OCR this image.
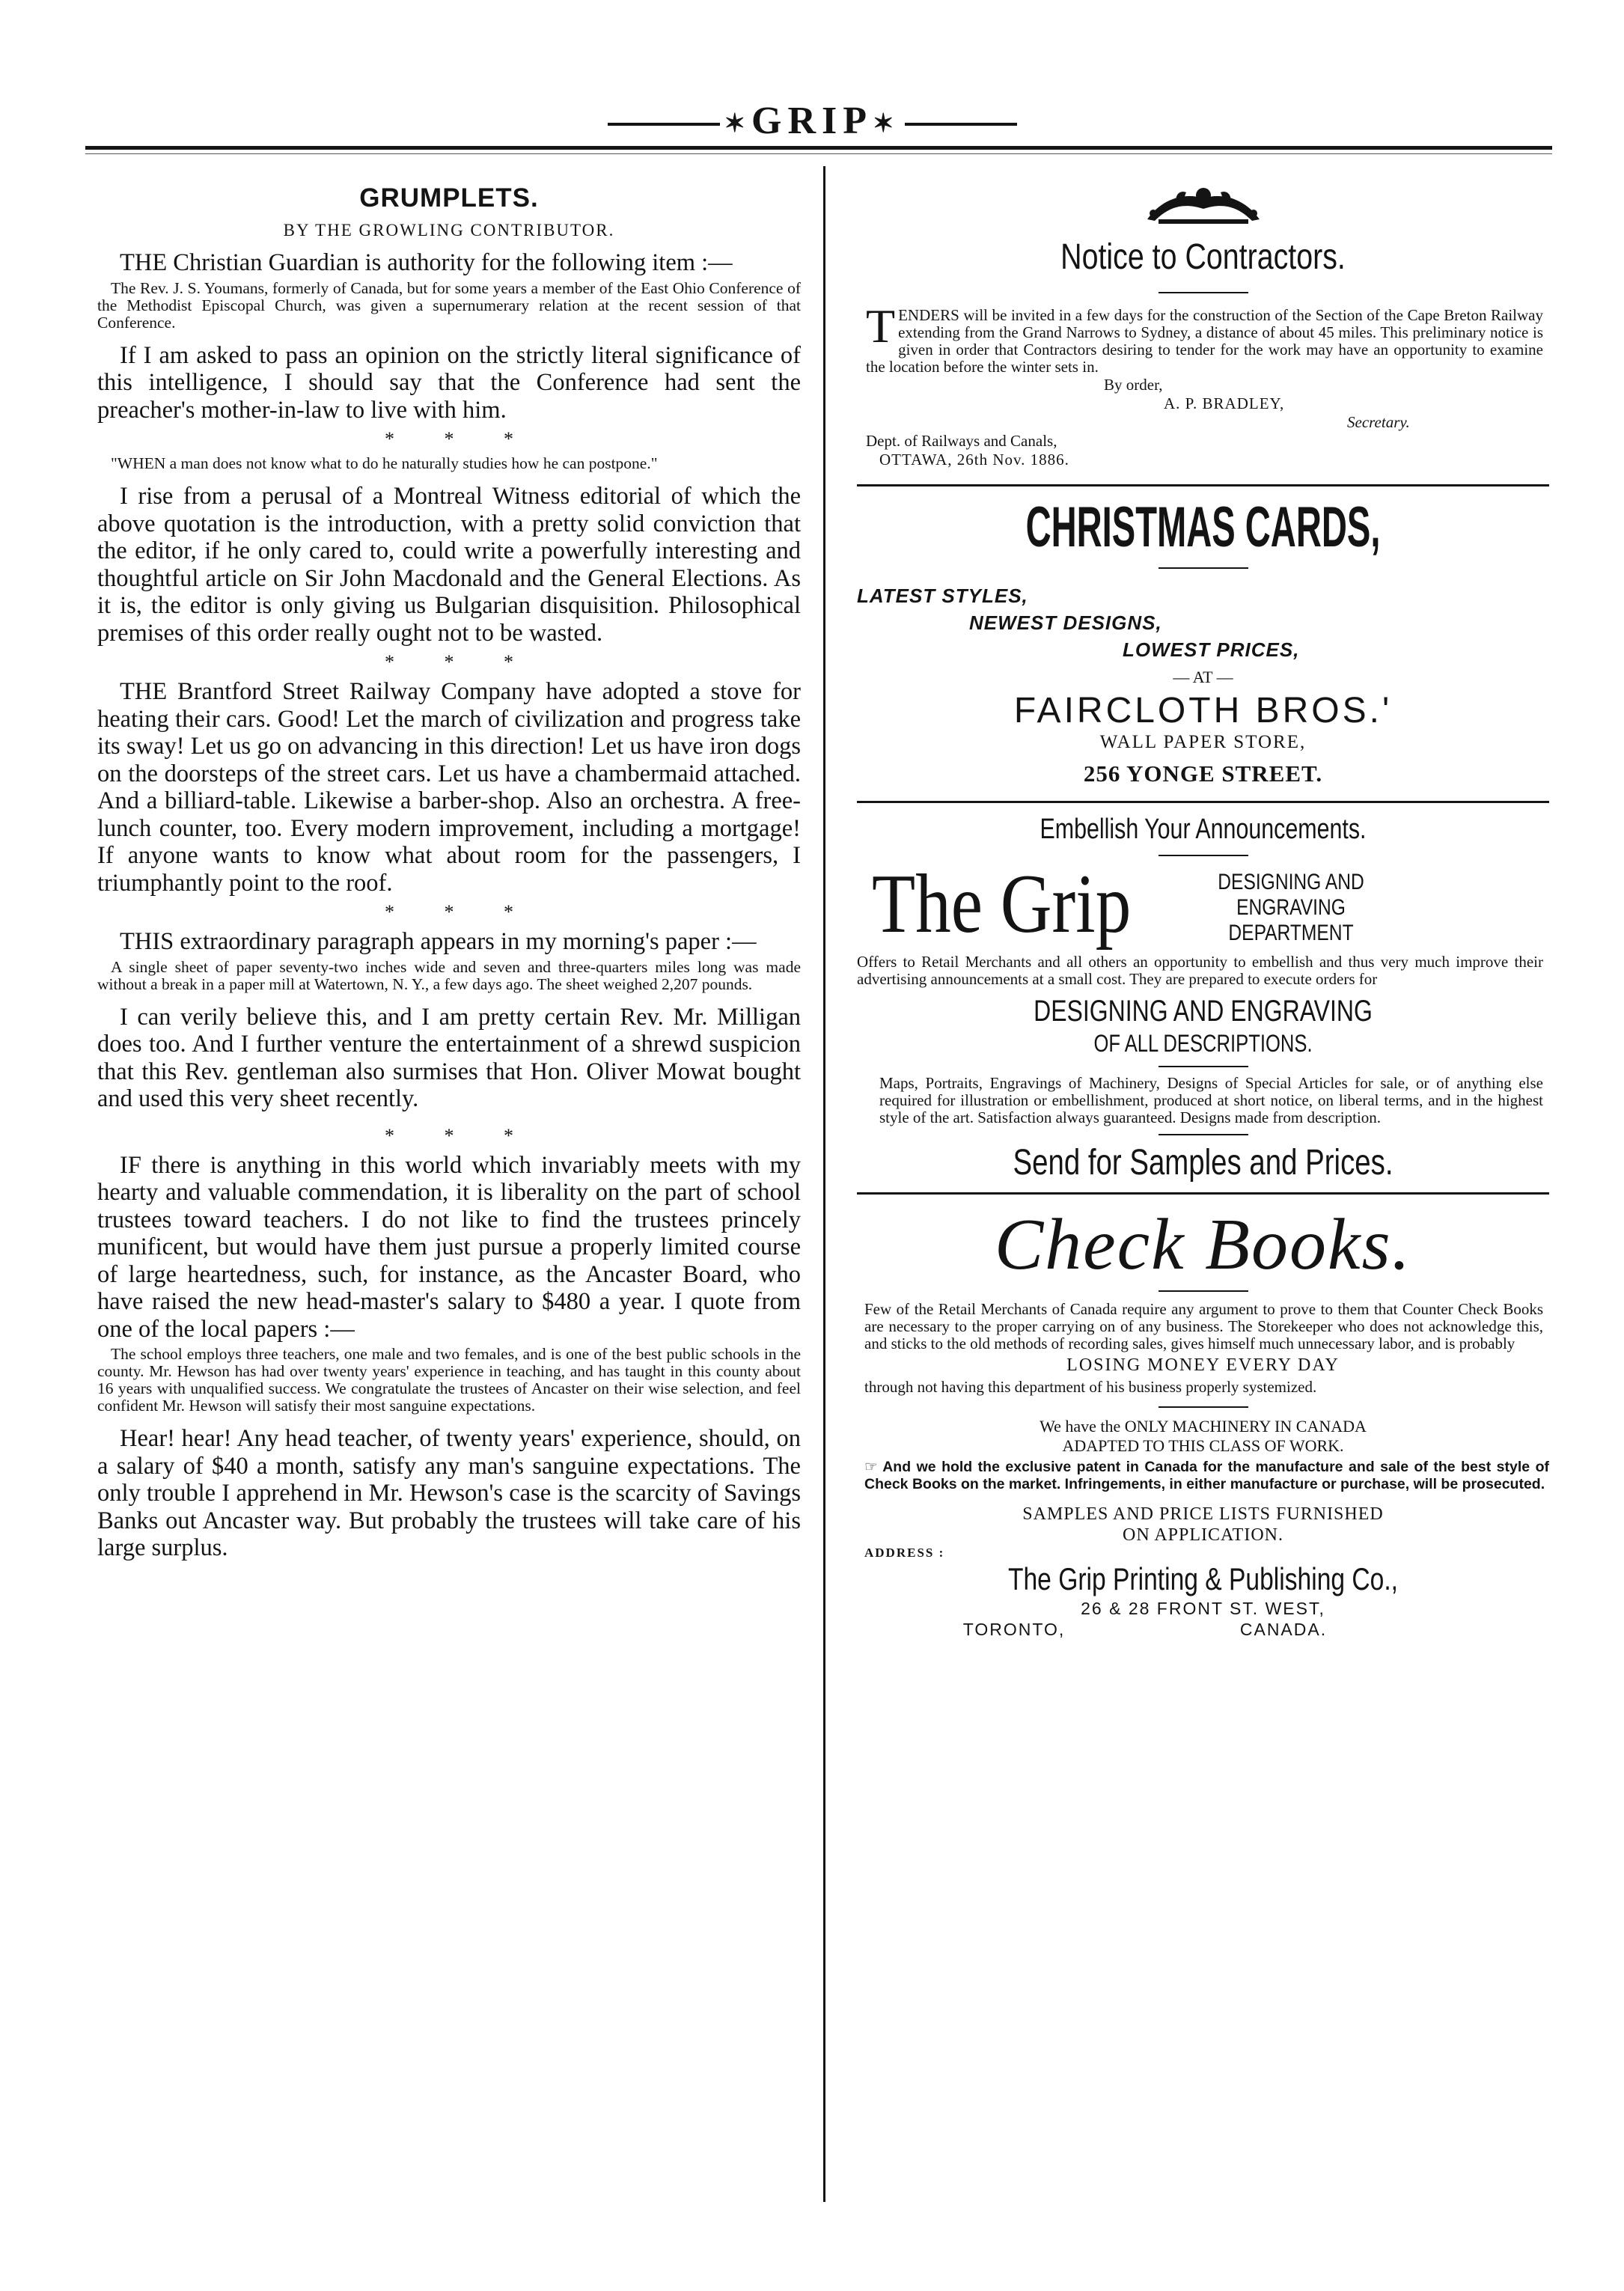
✶GRIP✶
GRUMPLETS.
BY THE GROWLING CONTRIBUTOR.

THE Christian Guardian is authority for the following item :—

The Rev. J. S. Youmans, formerly of Canada, but for some years a member of the East Ohio Conference of the Methodist Episcopal Church, was given a supernumerary relation at the recent session of that Conference.

If I am asked to pass an opinion on the strictly literal significance of this intelligence, I should say that the Conference had sent the preacher's mother-in-law to live with him.

* * *

"WHEN a man does not know what to do he naturally studies how he can postpone."

I rise from a perusal of a Montreal Witness editorial of which the above quotation is the introduction, with a pretty solid conviction that the editor, if he only cared to, could write a powerfully interesting and thoughtful article on Sir John Macdonald and the General Elections. As it is, the editor is only giving us Bulgarian disquisition. Philosophical premises of this order really ought not to be wasted.

* * *

THE Brantford Street Railway Company have adopted a stove for heating their cars. Good! Let the march of civilization and progress take its sway! Let us go on advancing in this direction! Let us have iron dogs on the doorsteps of the street cars. Let us have a chambermaid attached. And a billiard-table. Likewise a barber-shop. Also an orchestra. A free-lunch counter, too. Every modern improvement, including a mortgage! If anyone wants to know what about room for the passengers, I triumphantly point to the roof.

* * *

THIS extraordinary paragraph appears in my morning's paper :—

A single sheet of paper seventy-two inches wide and seven and three-quarters miles long was made without a break in a paper mill at Watertown, N. Y., a few days ago. The sheet weighed 2,207 pounds.

I can verily believe this, and I am pretty certain Rev. Mr. Milligan does too. And I further venture the entertainment of a shrewd suspicion that this Rev. gentleman also surmises that Hon. Oliver Mowat bought and used this very sheet recently.

* * *

IF there is anything in this world which invariably meets with my hearty and valuable commendation, it is liberality on the part of school trustees toward teachers. I do not like to find the trustees princely munificent, but would have them just pursue a properly limited course of large heartedness, such, for instance, as the Ancaster Board, who have raised the new head-master's salary to $480 a year. I quote from one of the local papers :—

The school employs three teachers, one male and two females, and is one of the best public schools in the county. Mr. Hewson has had over twenty years' experience in teaching, and has taught in this county about 16 years with unqualified success. We congratulate the trustees of Ancaster on their wise selection, and feel confident Mr. Hewson will satisfy their most sanguine expectations.

Hear! hear! Any head teacher, of twenty years' experience, should, on a salary of $40 a month, satisfy any man's sanguine expectations. The only trouble I apprehend in Mr. Hewson's case is the scarcity of Savings Banks out Ancaster way. But probably the trustees will take care of his large surplus.

Notice to Contractors.
TENDERS will be invited in a few days for the construction of the Section of the Cape Breton Railway extending from the Grand Narrows to Sydney, a distance of about 45 miles. This preliminary notice is given in order that Contractors desiring to tender for the work may have an opportunity to examine the location before the winter sets in.
By order,
A. P. BRADLEY,
Secretary.
Dept. of Railways and Canals,
OTTAWA, 26th Nov. 1886.
CHRISTMAS CARDS,
LATEST STYLES,
NEWEST DESIGNS,
LOWEST PRICES,
— AT —
FAIRCLOTH BROS.'
WALL PAPER STORE,
256 YONGE STREET.
Embellish Your Announcements.
The Grip	DESIGNING AND
ENGRAVING
DEPARTMENT
Offers to Retail Merchants and all others an opportunity to embellish and thus very much improve their advertising announcements at a small cost. They are prepared to execute orders for
DESIGNING AND ENGRAVING
OF ALL DESCRIPTIONS.
Maps, Portraits, Engravings of Machinery, Designs of Special Articles for sale, or of anything else required for illustration or embellishment, produced at short notice, on liberal terms, and in the highest style of the art. Satisfaction always guaranteed. Designs made from description.
Send for Samples and Prices.
Check Books.
Few of the Retail Merchants of Canada require any argument to prove to them that Counter Check Books are necessary to the proper carrying on of any business. The Storekeeper who does not acknowledge this, and sticks to the old methods of recording sales, gives himself much unnecessary labor, and is probably
LOSING MONEY EVERY DAY
through not having this department of his business properly systemized.
We have the ONLY MACHINERY IN CANADA
ADAPTED TO THIS CLASS OF WORK.
☞ And we hold the exclusive patent in Canada for the manufacture and sale of the best style of Check Books on the market. Infringements, in either manufacture or purchase, will be prosecuted.
SAMPLES AND PRICE LISTS FURNISHED
ON APPLICATION.
ADDRESS :
The Grip Printing & Publishing Co.,
26 & 28 FRONT ST. WEST,
TORONTO,	CANADA.
